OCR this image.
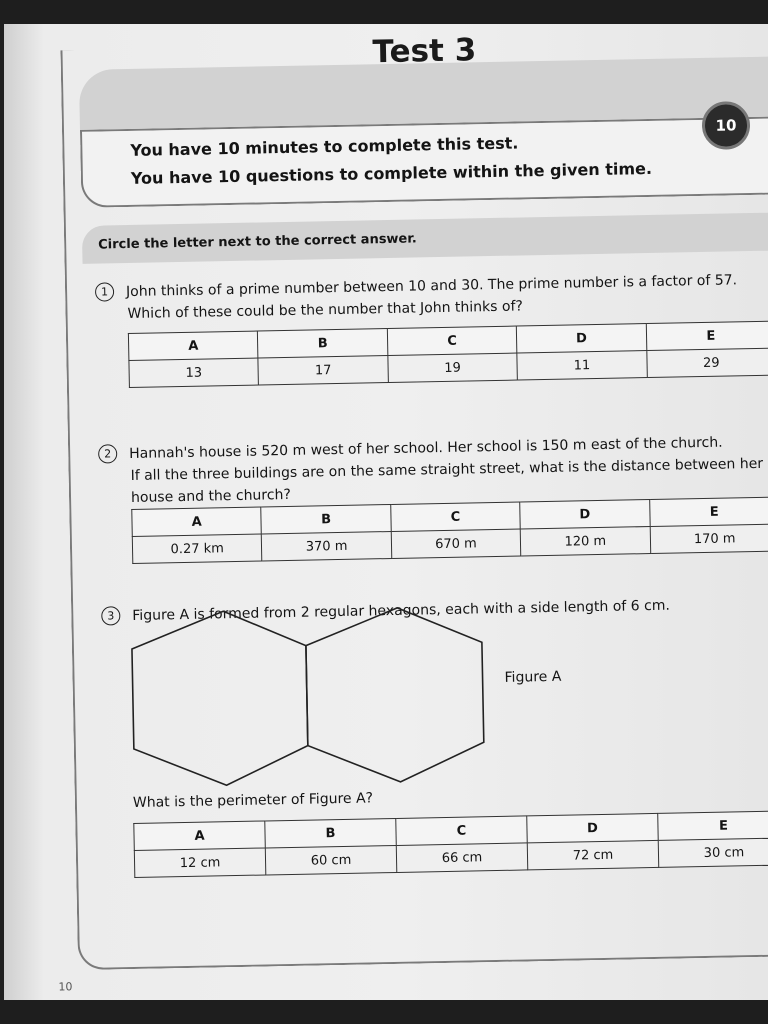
Test 3
You have 10 minutes to complete this test.
You have 10 questions to complete within the given time.
10
Circle the letter next to the correct answer.
1 John thinks of a prime number between 10 and 30. The prime number is a factor of 57.
Which of these could be the number that John thinks of?
A	B	C	D	E
13	17	19	11	29
2 Hannah's house is 520 m west of her school. Her school is 150 m east of the church.
If all the three buildings are on the same straight street, what is the distance between her house and the church?
A	B	C	D	E
0.27 km	370 m	670 m	120 m	170 m
3 Figure A is formed from 2 regular hexagons, each with a side length of 6 cm.
Figure A
What is the perimeter of Figure A?
A	B	C	D	E
12 cm	60 cm	66 cm	72 cm	30 cm
10
